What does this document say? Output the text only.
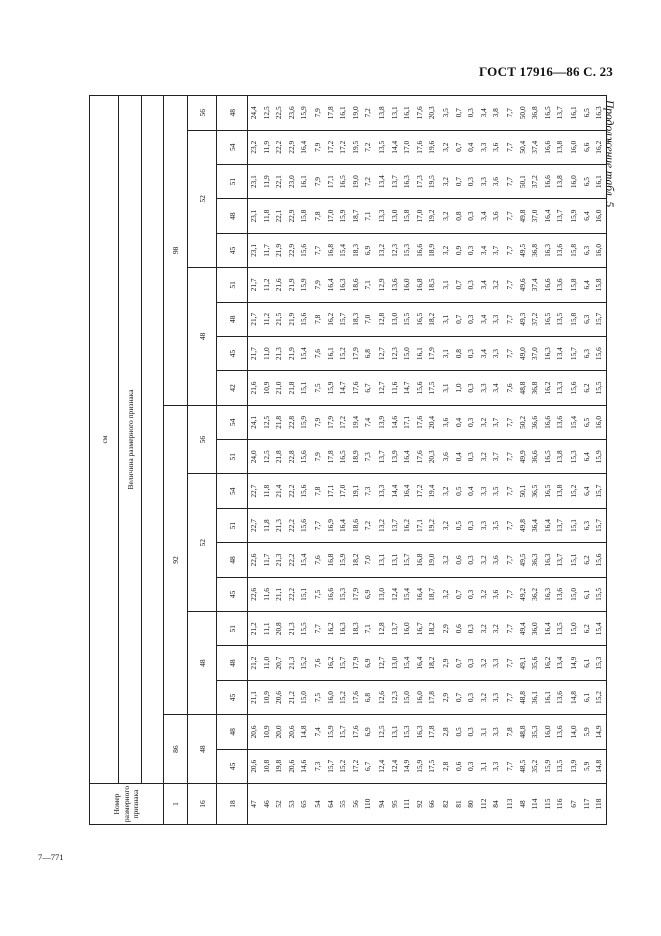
ГОСТ 17916—86 С. 23
Продолжение табл. 5
7—771
Номер размерного признака	см																			
	Величина размерного признака																			

1	86		92									98								
16	48		48			52				56		48				52				56
18	45	48	45	48	51	45	48	51	54	51	54	42	45	48	51	45	48	51	54	48
47	20,6	20,6	21,1	21,2	21,2	22,6	22,6	22,7	22,7	24,0	24,1	21,6	21,7	21,7	21,7	23,1	23,1	23,1	23,2	24,4
46	10,8	10,9	10,9	11,0	11,1	11,6	11,7	11,8	11,8	12,5	12,5	10,9	11,0	11,2	11,2	11,7	11,8	11,9	11,9	12,5
52	19,8	20,0	20,6	20,7	20,8	21,1	21,3	21,3	21,4	21,8	21,8	21,0	21,3	21,5	21,6	21,9	22,1	22,1	22,2	22,5
53	20,6	20,6	21,2	21,3	21,3	22,2	22,2	22,2	22,2	22,8	22,8	21,8	21,9	21,9	21,9	22,9	22,9	23,0	22,9	23,6
65	14,6	14,8	15,0	15,2	15,5	15,1	15,4	15,6	15,6	15,6	15,9	15,1	15,4	15,6	15,9	15,6	15,8	16,1	16,4	15,9
54	7,3	7,4	7,5	7,6	7,7	7,5	7,6	7,7	7,8	7,9	7,9	7,5	7,6	7,8	7,9	7,7	7,8	7,9	7,9	7,9
64	15,7	15,9	16,0	16,2	16,2	16,6	16,8	16,9	17,1	17,8	17,9	15,9	16,1	16,2	16,4	16,8	17,0	17,1	17,2	17,8
55	15,2	15,7	15,2	15,7	16,3	15,3	15,9	16,4	17,0	16,5	17,2	14,7	15,2	15,7	16,3	15,4	15,9	16,5	17,2	16,1
56	17,2	17,6	17,6	17,9	18,3	17,9	18,2	18,6	19,1	18,9	19,4	17,6	17,9	18,3	18,6	18,3	18,7	19,0	19,5	19,0
110	6,7	6,9	6,8	6,9	7,1	6,9	7,0	7,2	7,3	7,3	7,4	6,7	6,8	7,0	7,1	6,9	7,1	7,2	7,2	7,2
94	12,4	12,5	12,6	12,7	12,8	13,0	13,1	13,2	13,3	13,7	13,9	12,7	12,7	12,8	12,9	13,2	13,3	13,4	13,5	13,8
95	12,4	13,1	12,3	13,0	13,7	12,4	13,1	13,7	14,4	13,9	14,6	11,6	12,3	13,0	13,6	12,3	13,0	13,7	14,4	13,1
111	14,9	15,3	15,0	15,4	16,0	15,4	15,7	16,2	16,4	16,4	17,1	14,7	15,0	15,5	16,0	15,3	15,8	16,3	17,0	16,1
92	15,9	16,3	16,0	16,4	16,7	16,4	16,8	17,1	17,2	17,6	17,6	15,6	16,1	16,5	16,8	16,6	17,0	17,3	17,6	17,6
66	17,5	17,8	17,8	18,2	18,2	18,7	19,0	19,2	19,4	20,3	20,4	17,5	17,9	18,2	18,5	18,9	19,2	19,5	19,6	20,3
82	2,8	2,8	2,9	2,9	2,9	3,2	3,2	3,2	3,2	3,6	3,6	3,1	3,1	3,1	3,1	3,2	3,2	3,2	3,2	3,5
81	0,6	0,5	0,7	0,7	0,6	0,7	0,6	0,5	0,5	0,4	0,4	1,0	0,8	0,7	0,7	0,9	0,8	0,7	0,7	0,7
80	0,3	0,3	0,3	0,3	0,3	0,3	0,3	0,3	0,4	0,3	0,3	0,3	0,3	0,3	0,3	0,3	0,3	0,3	0,4	0,3
112	3,1	3,1	3,2	3,2	3,2	3,2	3,2	3,3	3,3	3,2	3,2	3,3	3,4	3,4	3,4	3,4	3,4	3,3	3,3	3,4
84	3,3	3,3	3,3	3,3	3,2	3,6	3,6	3,5	3,5	3,7	3,7	3,4	3,3	3,3	3,2	3,7	3,6	3,6	3,6	3,8
113	7,7	7,8	7,7	7,7	7,7	7,7	7,7	7,7	7,7	7,7	7,7	7,6	7,7	7,7	7,7	7,7	7,7	7,7	7,7	7,7
48	48,5	48,8	48,8	49,1	49,4	49,2	49,5	49,8	50,1	49,9	50,2	48,8	49,0	49,3	49,6	49,5	49,8	50,1	50,4	50,0
114	35,2	35,3	36,1	35,6	36,0	36,2	36,3	36,4	36,5	36,6	36,6	36,8	37,0	37,2	37,4	36,8	37,0	37,2	37,4	36,8
115	15,9	16,0	16,1	16,2	16,4	16,3	16,3	16,4	16,5	16,5	16,6	16,2	16,3	16,5	16,6	16,3	16,4	16,6	16,6	16,5
116	13,5	13,6	13,6	13,4	13,5	13,6	13,7	13,7	13,8	13,8	13,6	13,3	13,4	13,5	13,6	13,6	13,7	13,8	13,8	13,7
67	13,9	14,0	14,8	14,9	15,0	15,0	15,1	15,1	15,2	15,3	15,4	15,6	15,7	15,8	15,8	15,8	15,9	16,0	16,0	16,1
117	5,9	5,9	6,1	6,1	6,2	6,1	6,2	6,3	6,4	6,4	6,5	6,2	6,3	6,3	6,4	6,3	6,4	6,5	6,6	6,5
118	14,8	14,9	15,2	15,3	15,4	15,5	15,6	15,7	15,7	15,9	16,0	15,5	15,6	15,7	15,8	16,0	16,0	16,1	16,2	16,3
